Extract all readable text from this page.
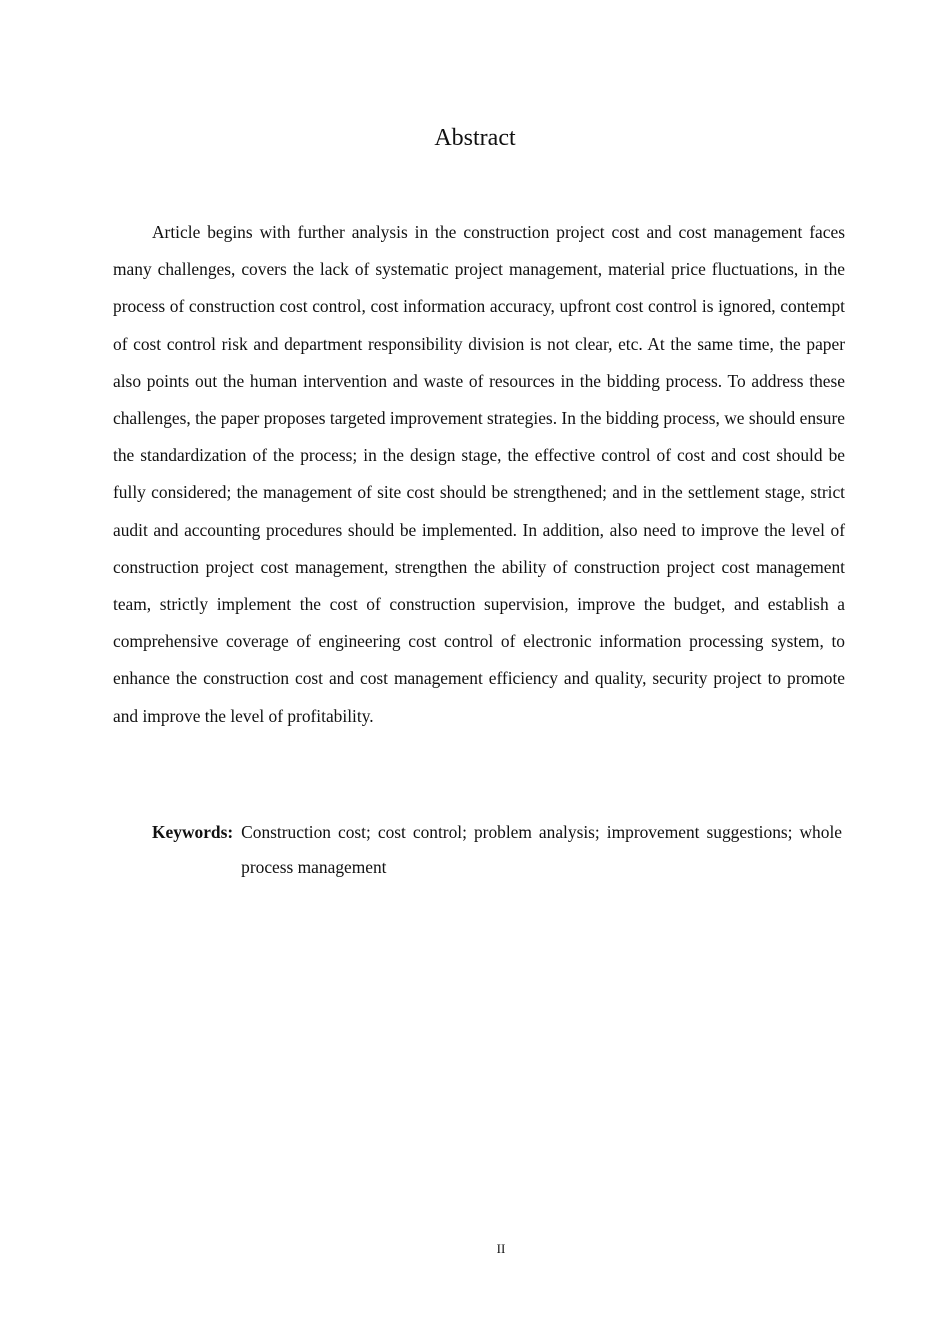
Abstract

Article begins with further analysis in the construction project cost and cost management faces many challenges, covers the lack of systematic project management, material price fluctuations, in the process of construction cost control, cost information accuracy, upfront cost control is ignored, contempt of cost control risk and department responsibility division is not clear, etc. At the same time, the paper also points out the human intervention and waste of resources in the bidding process. To address these challenges, the paper proposes targeted improvement strategies. In the bidding process, we should ensure the standardization of the process; in the design stage, the effective control of cost and cost should be fully considered; the management of site cost should be strengthened; and in the settlement stage, strict audit and accounting procedures should be implemented. In addition, also need to improve the level of construction project cost management, strengthen the ability of construction project cost management team, strictly implement the cost of construction supervision, improve the budget, and establish a comprehensive coverage of engineering cost control of electronic information processing system, to enhance the construction cost and cost management efficiency and quality, security project to promote and improve the level of profitability.

Keywords: Construction cost; cost control; problem analysis; improvement suggestions; whole process management
II
